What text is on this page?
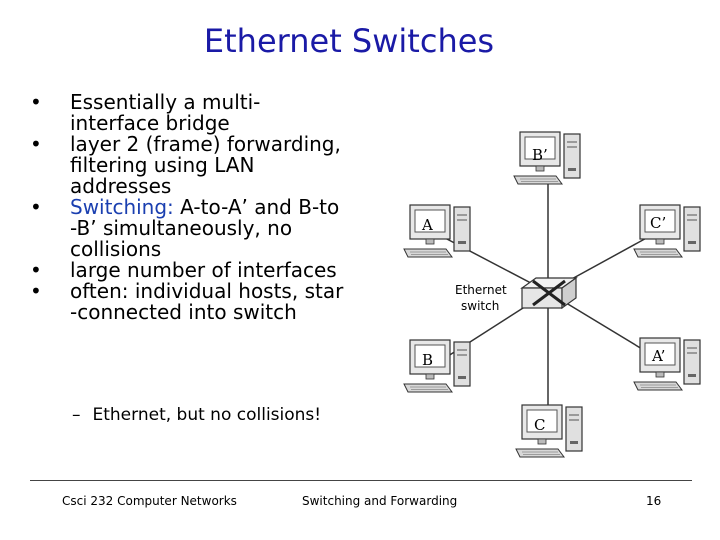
Ethernet Switches
• Essentially a multi-
interface bridge
• layer 2 (frame) forwarding,
filtering using LAN
addresses
• Switching: A-to-A’ and B-to
-B’ simultaneously, no
collisions
• large number of interfaces
• often: individual hosts, star
-connected into switch
– Ethernet, but no collisions!
Ethernet
switch
B’
A	C’
B	A’
C
Csci 232 Computer Networks	Switching and Forwarding	16
